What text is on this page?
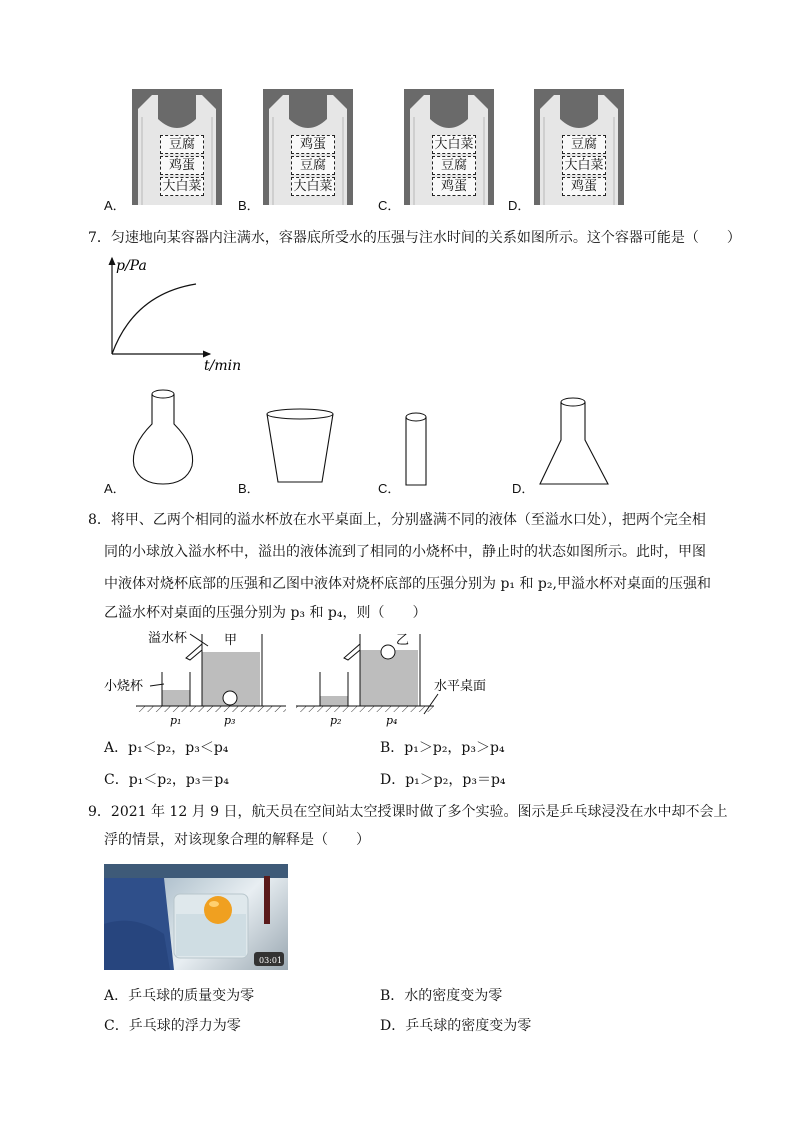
豆腐
鸡蛋
大白菜
A．
鸡蛋
豆腐
大白菜
B．
大白菜
豆腐
鸡蛋
C．
豆腐
大白菜
鸡蛋
D．
7．匀速地向某容器内注满水，容器底所受水的压强与注水时间的关系如图所示。这个容器可能是（　　）
p/Pa
t/min
A．	B．	C．	D．
8．将甲、乙两个相同的溢水杯放在水平桌面上，分别盛满不同的液体（至溢水口处），把两个完全相
同的小球放入溢水杯中，溢出的液体流到了相同的小烧杯中，静止时的状态如图所示。此时，甲图
中液体对烧杯底部的压强和乙图中液体对烧杯底部的压强分别为 p₁ 和 p₂,甲溢水杯对桌面的压强和
乙溢水杯对桌面的压强分别为 p₃ 和 p₄，则（　　）
溢水杯	甲
小烧杯
p₁	p₃
乙
水平桌面
p₂	p₄
A．p₁＜p₂，p₃＜p₄	B．p₁＞p₂，p₃＞p₄
C．p₁＜p₂，p₃＝p₄	D．p₁＞p₂，p₃＝p₄
9．2021 年 12 月 9 日，航天员在空间站太空授课时做了多个实验。图示是乒乓球浸没在水中却不会上
浮的情景，对该现象合理的解释是（　　）
03:01
A．乒乓球的质量变为零	B．水的密度变为零
C．乒乓球的浮力为零	D．乒乓球的密度变为零
